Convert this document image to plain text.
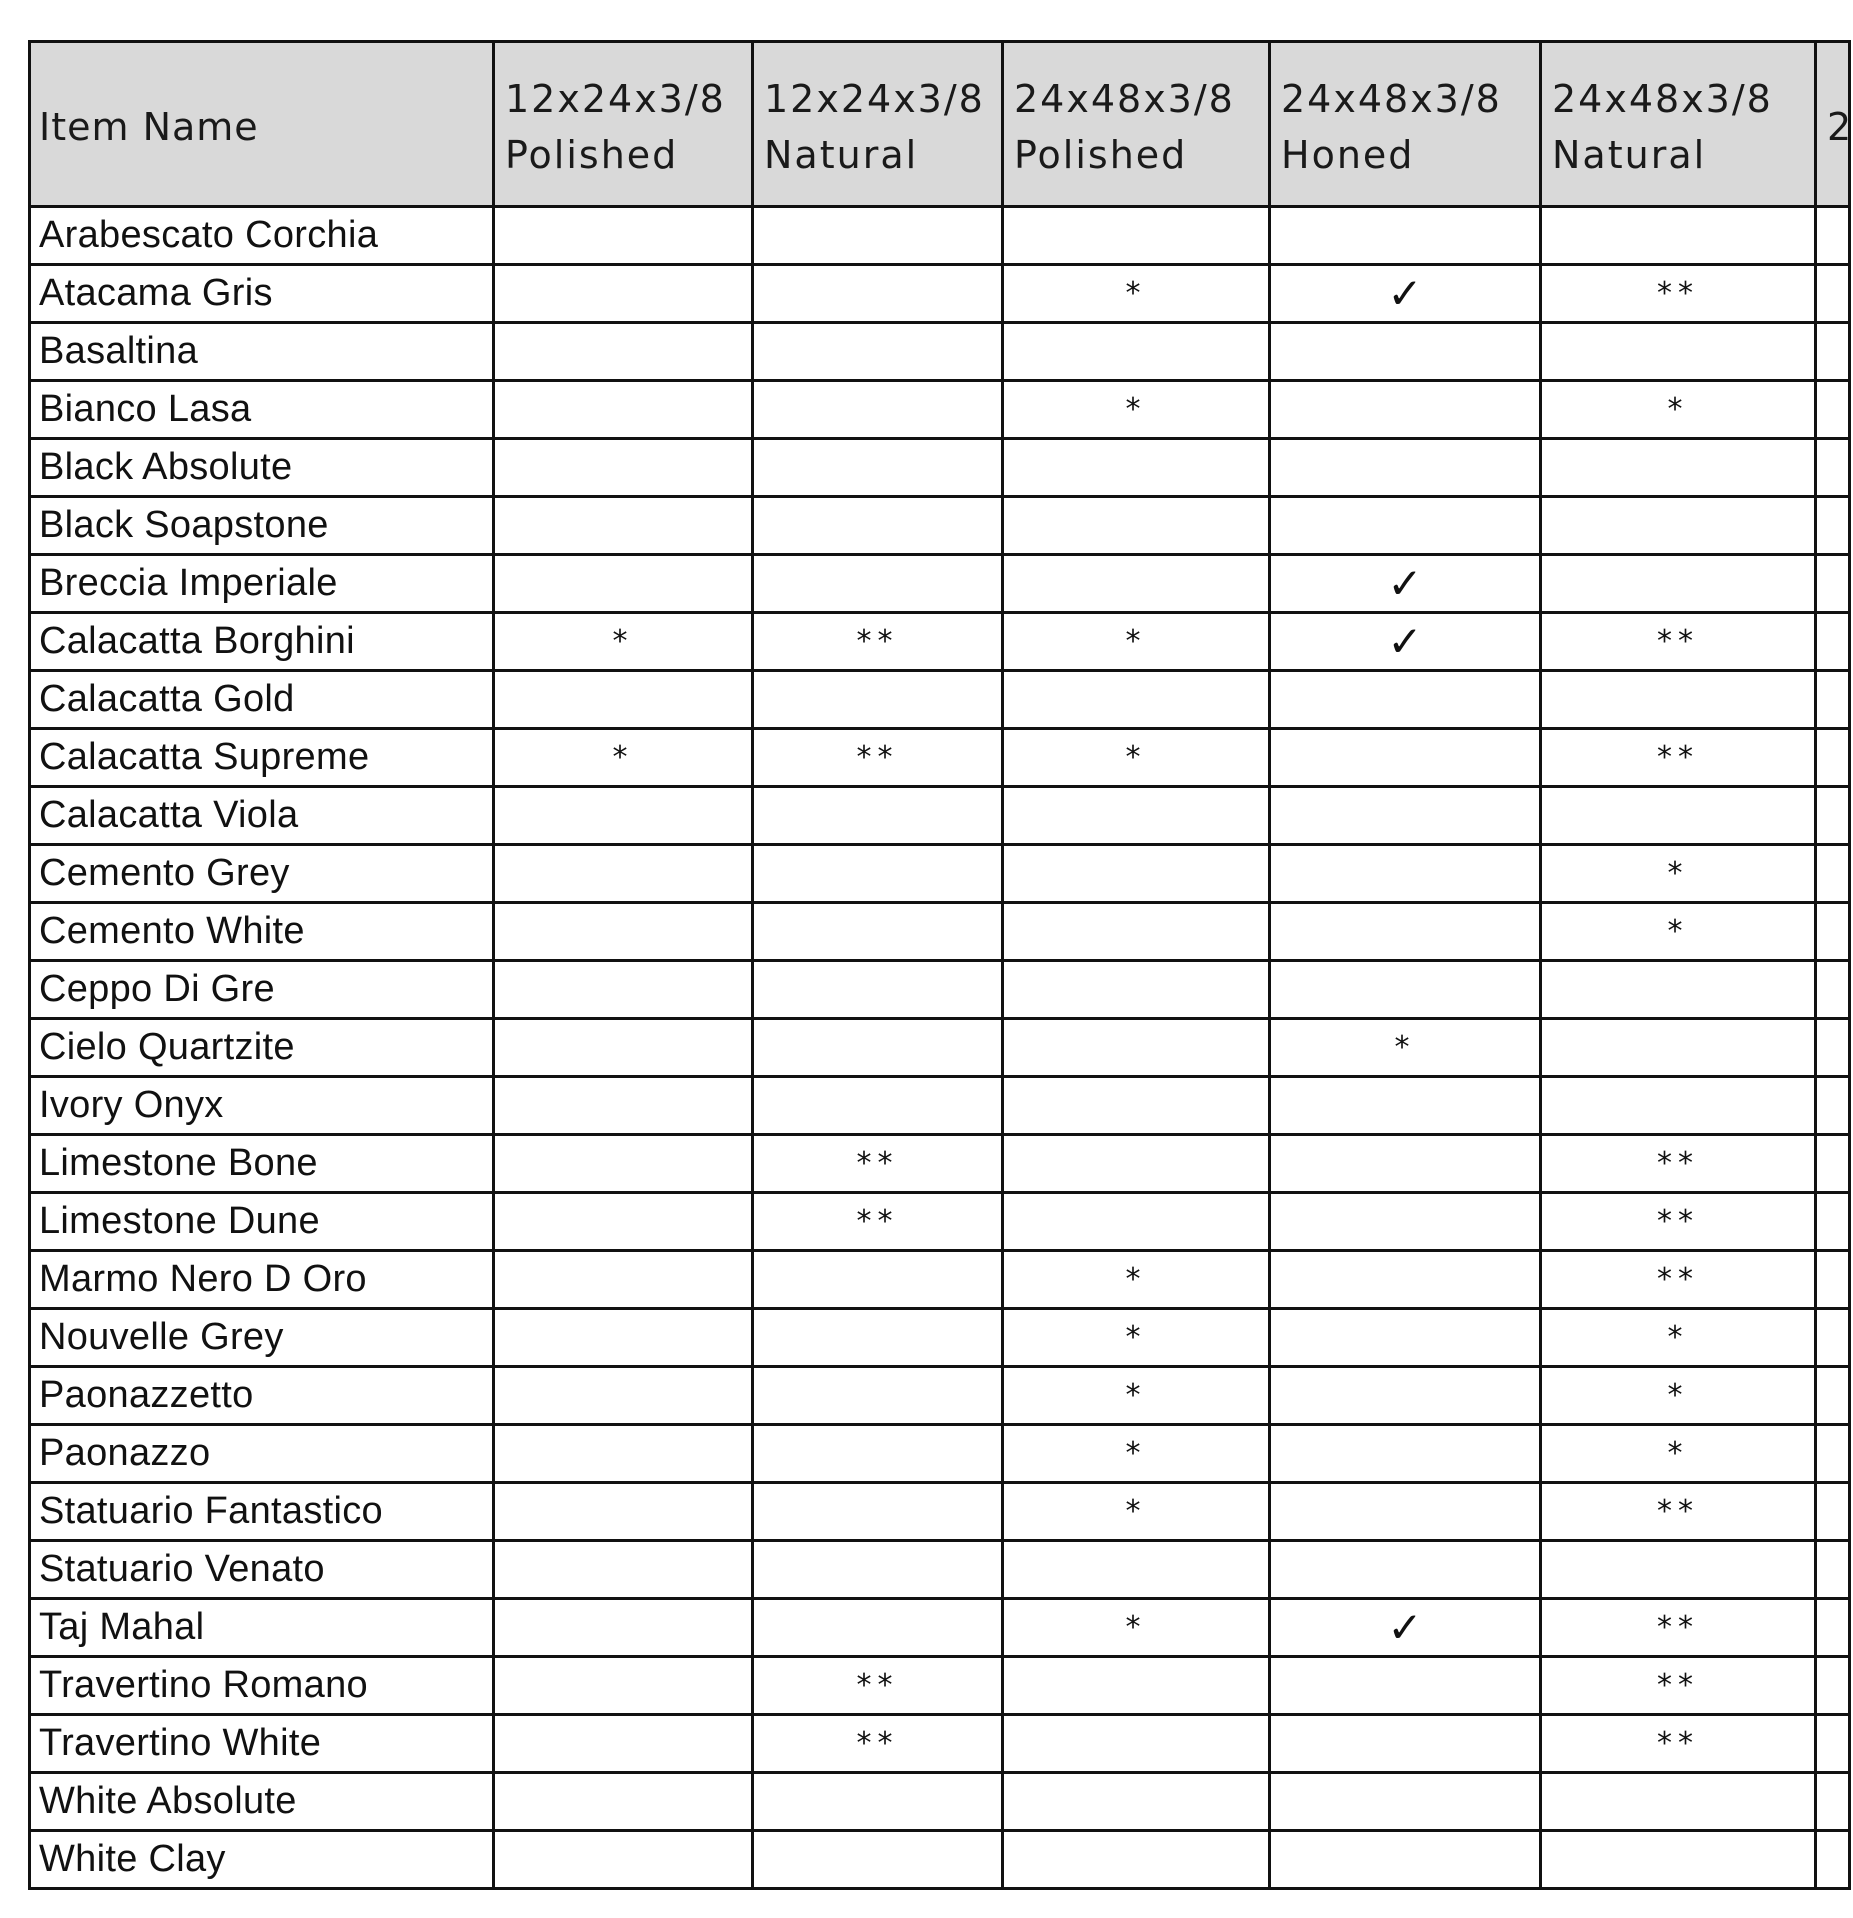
Item Name	12x24x3/8 Polished	12x24x3/8 Natural	24x48x3/8 Polished	24x48x3/8 Honed	24x48x3/8 Natural	2
Arabescato Corchia						
Atacama Gris			*	✓	**	
Basaltina						
Bianco Lasa			*		*	
Black Absolute						
Black Soapstone						
Breccia Imperiale				✓		
Calacatta Borghini	*	**	*	✓	**	
Calacatta Gold						
Calacatta Supreme	*	**	*		**	
Calacatta Viola						
Cemento Grey					*	
Cemento White					*	
Ceppo Di Gre						
Cielo Quartzite				*		
Ivory Onyx						
Limestone Bone		**			**	
Limestone Dune		**			**	
Marmo Nero D Oro			*		**	
Nouvelle Grey			*		*	
Paonazzetto			*		*	
Paonazzo			*		*	
Statuario Fantastico			*		**	
Statuario Venato						
Taj Mahal			*	✓	**	
Travertino Romano		**			**	
Travertino White		**			**	
White Absolute						
White Clay						
